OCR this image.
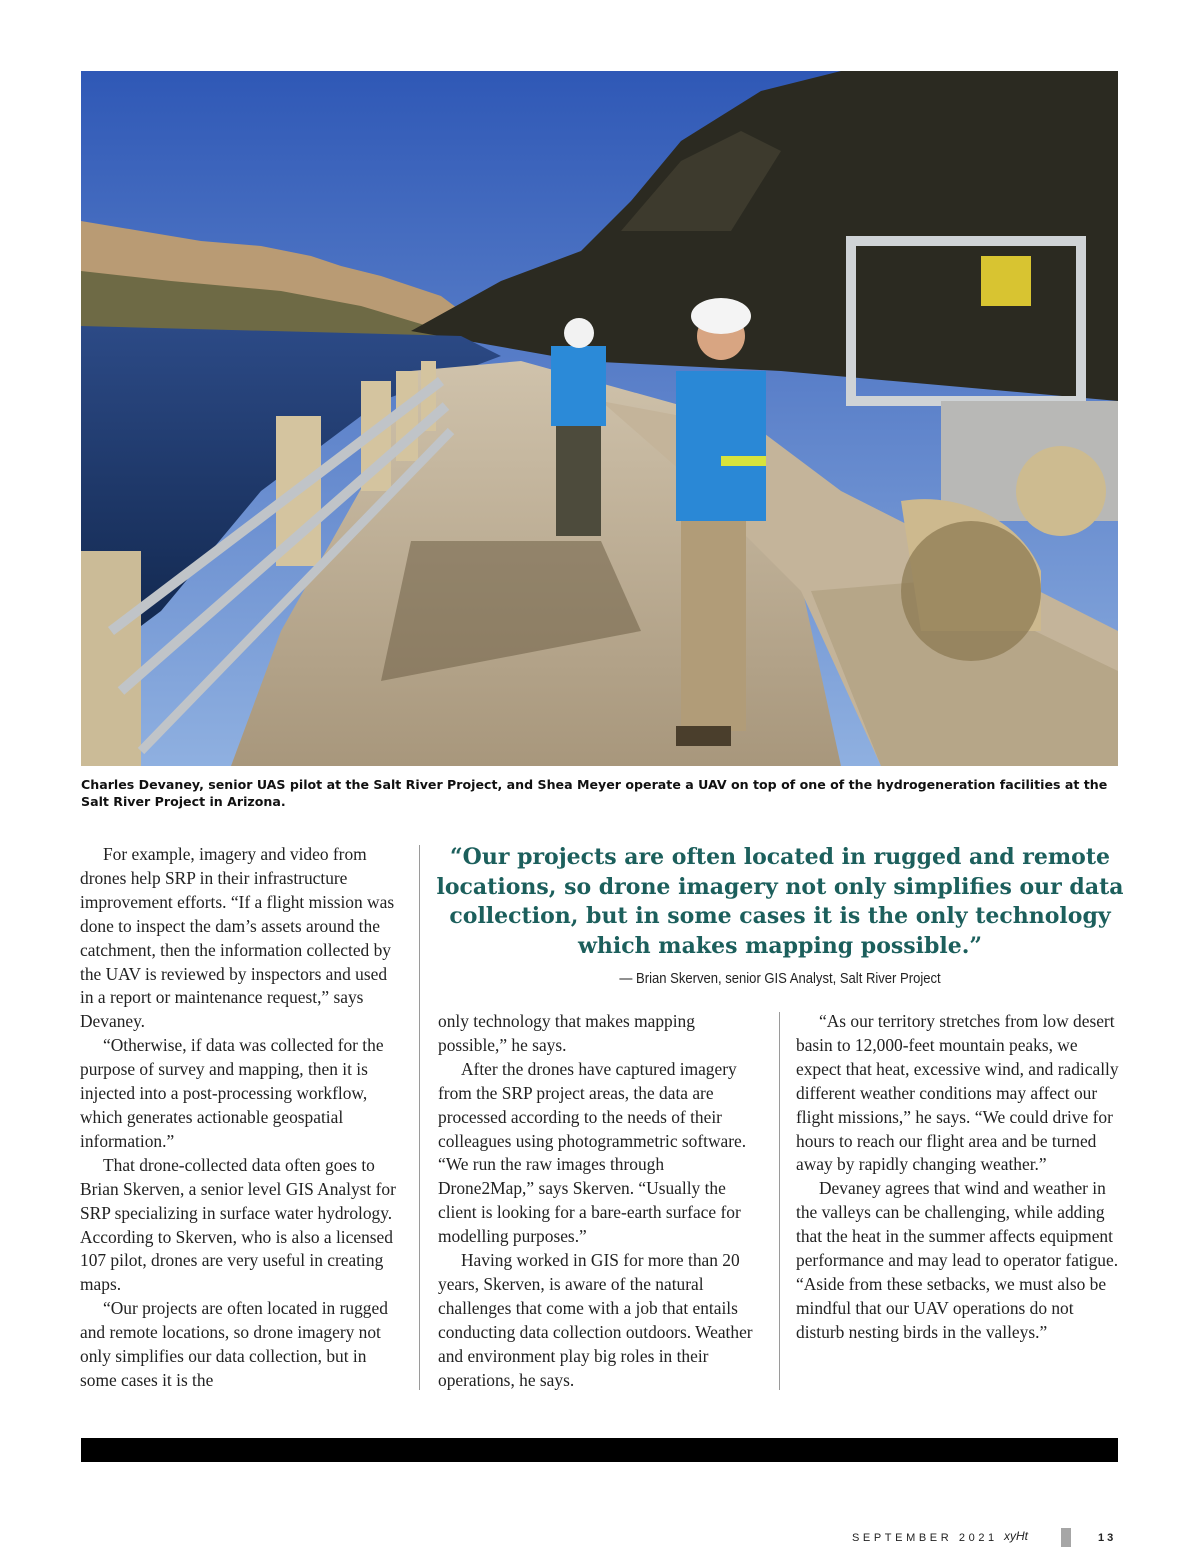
Charles Devaney, senior UAS pilot at the Salt River Project, and Shea Meyer operate a UAV on top of one of the hydrogeneration facilities at the Salt River Project in Arizona.

For example, imagery and video from drones help SRP in their infrastructure improvement efforts. “If a flight mission was done to inspect the dam’s assets around the catchment, then the information collected by the UAV is reviewed by inspectors and used in a report or maintenance request,” says Devaney.

“Otherwise, if data was collected for the purpose of survey and mapping, then it is injected into a post-processing workflow, which generates actionable geospatial information.”

That drone-collected data often goes to Brian Skerven, a senior level GIS Analyst for SRP specializing in surface water hydrology. According to Skerven, who is also a licensed 107 pilot, drones are very useful in creating maps.

“Our projects are often located in rugged and remote locations, so drone imagery not only simplifies our data collection, but in some cases it is the

“Our projects are often located in rugged and remote locations, so drone imagery not only simplifies our data collection, but in some cases it is the only technology which makes mapping possible.”
— Brian Skerven, senior GIS Analyst, Salt River Project

only technology that makes mapping possible,” he says.

After the drones have captured imagery from the SRP project areas, the data are processed according to the needs of their colleagues using photogrammetric software. “We run the raw images through Drone2Map,” says Skerven. “Usually the client is looking for a bare-earth surface for modelling purposes.”

Having worked in GIS for more than 20 years, Skerven, is aware of the natural challenges that come with a job that entails conducting data collection outdoors. Weather and environment play big roles in their operations, he says.

“As our territory stretches from low desert basin to 12,000-feet mountain peaks, we expect that heat, excessive wind, and radically different weather conditions may affect our flight missions,” he says. “We could drive for hours to reach our flight area and be turned away by rapidly changing weather.”

Devaney agrees that wind and weather in the valleys can be challenging, while adding that the heat in the summer affects equipment performance and may lead to operator fatigue. “Aside from these setbacks, we must also be mindful that our UAV operations do not disturb nesting birds in the valleys.”

SEPTEMBER 2021 xyHt	13
